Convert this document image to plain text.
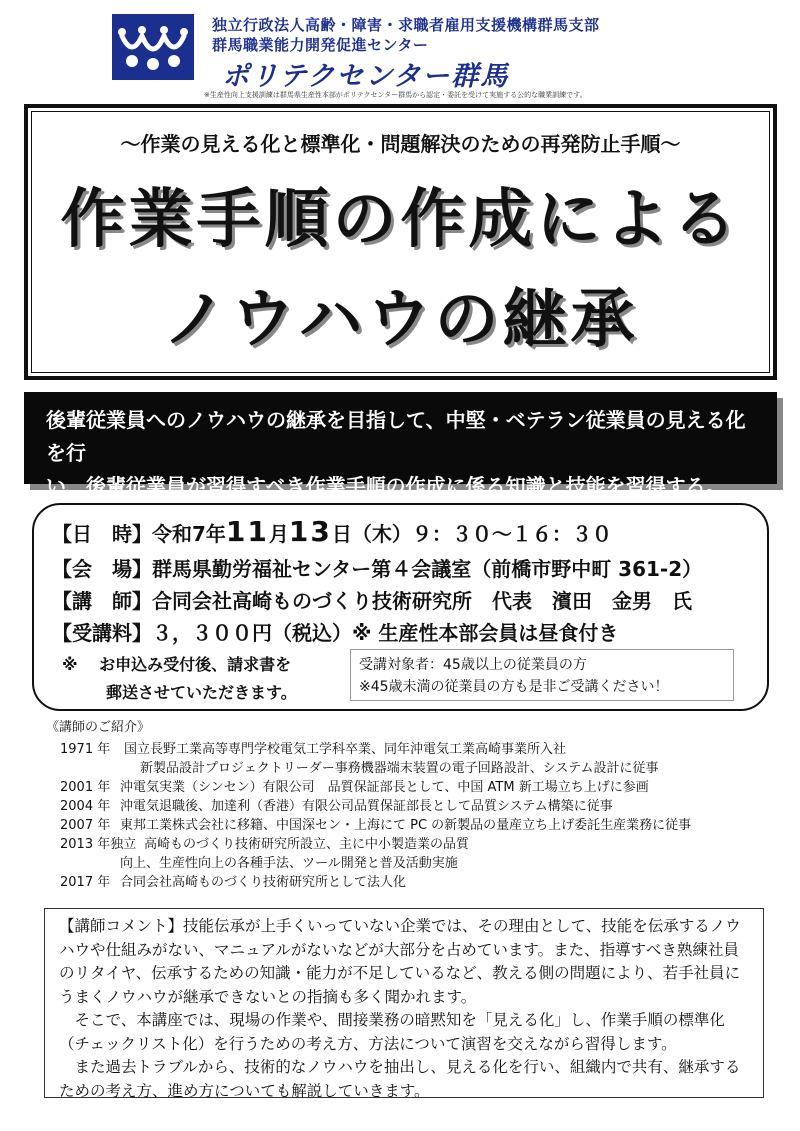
独立行政法人高齢・障害・求職者雇用支援機構群馬支部
群馬職業能力開発促進センター
ポリテクセンター群馬
※生産性向上支援訓練は群馬県生産性本部がポリテクセンター群馬から認定・委託を受けて実施する公的な職業訓練です。
～作業の見える化と標準化・問題解決のための再発防止手順～
作業手順の作成による
ノウハウの継承
後輩従業員へのノウハウの継承を目指して、中堅・ベテラン従業員の見える化を行
い、後輩従業員が習得すべき作業手順の作成に係る知識と技能を習得する。
【日　時】令和7年11月13日（木）９：３０～１６：３０
【会　場】群馬県勤労福祉センター第４会議室（前橋市野中町 361-2）
【講　師】合同会社高崎ものづくり技術研究所　代表　濱田　金男　氏
【受講料】３，３００円（税込）※ 生産性本部会員は昼食付き
※　 お申込み受付後、請求書を
郵送させていただきます。
受講対象者：45歳以上の従業員の方
※45歳未満の従業員の方も是非ご受講ください！
《講師のご紹介》
1971 年 国立長野工業高等専門学校電気工学科卒業、同年沖電気工業高崎事業所入社
新製品設計プロジェクトリーダー事務機器端末装置の電子回路設計、システム設計に従事
2001 年 沖電気実業（シンセン）有限公司　品質保証部長として、中国 ATM 新工場立ち上げに参画
2004 年 沖電気退職後、加達利（香港）有限公司品質保証部長として品質システム構築に従事
2007 年 東邦工業株式会社に移籍、中国深セン・上海にて PC の新製品の量産立ち上げ委託生産業務に従事
2013 年独立 高崎ものづくり技術研究所設立、主に中小製造業の品質
向上、生産性向上の各種手法、ツール開発と普及活動実施
2017 年 合同会社高崎ものづくり技術研究所として法人化

【講師コメント】技能伝承が上手くいっていない企業では、その理由として、技能を伝承するノウ

ハウや仕組みがない、マニュアルがないなどが大部分を占めています。また、指導すべき熟練社員

のリタイヤ、伝承するための知識・能力が不足しているなど、教える側の問題により、若手社員に

うまくノウハウが継承できないとの指摘も多く聞かれます。

　そこで、本講座では、現場の作業や、間接業務の暗黙知を「見える化」し、作業手順の標準化

（チェックリスト化）を行うための考え方、方法について演習を交えながら習得します。

　また過去トラブルから、技術的なノウハウを抽出し、見える化を行い、組織内で共有、継承する

ための考え方、進め方についても解説していきます。
